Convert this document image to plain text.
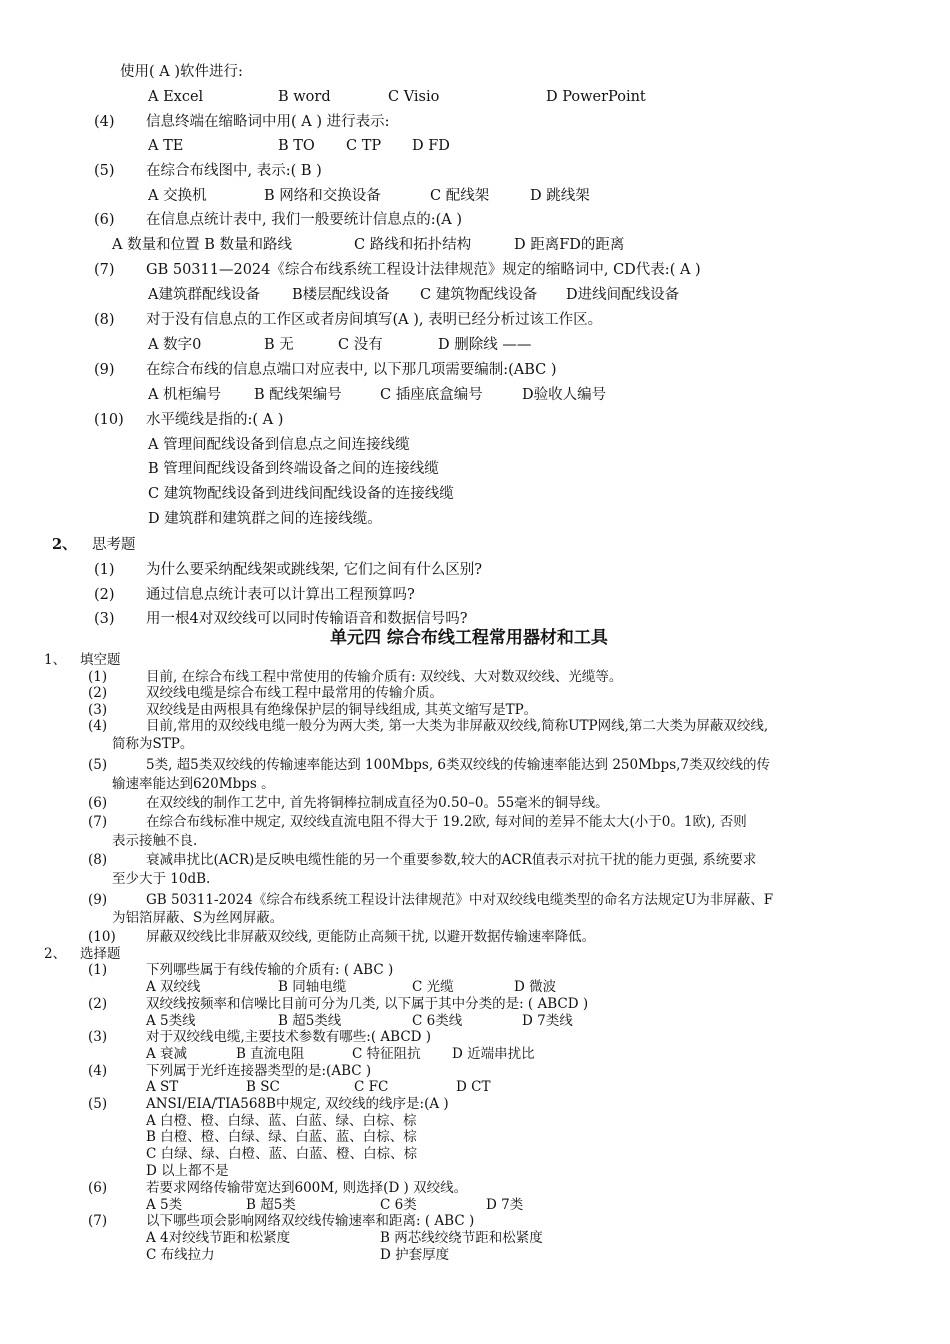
使用( A )软件进行:
A Excel	B word	C Visio	D PowerPoint
(4) 信息终端在缩略词中用( A ) 进行表示:
A TE	B TO C TP D FD
(5) 在综合布线图中, 表示:( B )
A 交换机	B 网络和交换设备	C 配线架	D 跳线架
(6) 在信息点统计表中, 我们一般要统计信息点的:(A )
A 数量和位置 B 数量和路线	C 路线和拓扑结构	D 距离FD的距离
(7) GB 50311—2024《综合布线系统工程设计法律规范》规定的缩略词中, CD代表:( A )
A建筑群配线设备 B楼层配线设备 C 建筑物配线设备 D进线间配线设备
(8) 对于没有信息点的工作区或者房间填写(A ), 表明已经分析过该工作区。
A 数字0	B 无	C 没有	D 删除线 ——
(9) 在综合布线的信息点端口对应表中, 以下那几项需要编制:(ABC )
A 机柜编号 B 配线架编号	C 插座底盒编号	D验收人编号
(10) 水平缆线是指的:( A )
A 管理间配线设备到信息点之间连接线缆
B 管理间配线设备到终端设备之间的连接线缆
C 建筑物配线设备到进线间配线设备的连接线缆
D 建筑群和建筑群之间的连接线缆。
2、 思考题
(1) 为什么要采纳配线架或跳线架, 它们之间有什么区别?
(2) 通过信息点统计表可以计算出工程预算吗?
(3) 用一根4对双绞线可以同时传输语音和数据信号吗?
单元四 综合布线工程常用器材和工具
1、 填空题
(1)	目前, 在综合布线工程中常使用的传输介质有: 双绞线、大对数双绞线、光缆等。
(2)	双绞线电缆是综合布线工程中最常用的传输介质。
(3)	双绞线是由两根具有绝缘保护层的铜导线组成, 其英文缩写是TP。
(4)	目前,常用的双绞线电缆一般分为两大类, 第一大类为非屏蔽双绞线,简称UTP网线,第二大类为屏蔽双绞线,
简称为STP。
(5)	5类, 超5类双绞线的传输速率能达到 100Mbps, 6类双绞线的传输速率能达到 250Mbps,7类双绞线的传
输速率能达到620Mbps 。
(6)	在双绞线的制作工艺中, 首先将铜棒拉制成直径为0.50–0。55毫米的铜导线。
(7)	在综合布线标准中规定, 双绞线直流电阻不得大于 19.2欧, 每对间的差异不能太大(小于0。1欧), 否则
表示接触不良.
(8)	衰减串扰比(ACR)是反映电缆性能的另一个重要参数,较大的ACR值表示对抗干扰的能力更强, 系统要求
至少大于 10dB.
(9)	GB 50311-2024《综合布线系统工程设计法律规范》中对双绞线电缆类型的命名方法规定U为非屏蔽、F
为铝箔屏蔽、S为丝网屏蔽。
(10) 屏蔽双绞线比非屏蔽双绞线, 更能防止高频干扰, 以避开数据传输速率降低。
2、 选择题
(1)	下列哪些属于有线传输的介质有: ( ABC )
A 双绞线	B 同轴电缆	C 光缆	D 微波
(2)	双绞线按频率和信噪比目前可分为几类, 以下属于其中分类的是: ( ABCD )
A 5类线	B 超5类线	C 6类线	D 7类线
(3)	对于双绞线电缆,主要技术参数有哪些:( ABCD )
A 衰减	B 直流电阻	C 特征阻抗 D 近端串扰比
(4)	下列属于光纤连接器类型的是:(ABC )
A ST	B SC	C FC	D CT
(5)	ANSI/EIA/TIA568B中规定, 双绞线的线序是:(A )
A 白橙、橙、白绿、蓝、白蓝、绿、白棕、棕
B 白橙、橙、白绿、绿、白蓝、蓝、白棕、棕
C 白绿、绿、白橙、蓝、白蓝、橙、白棕、棕
D 以上都不是
(6)	若要求网络传输带宽达到600M, 则选择(D ) 双绞线。
A 5类	B 超5类	C 6类	D 7类
(7)	以下哪些项会影响网络双绞线传输速率和距离: ( ABC )
A 4对绞线节距和松紧度	B 两芯线绞绕节距和松紧度
C 布线拉力	D 护套厚度
